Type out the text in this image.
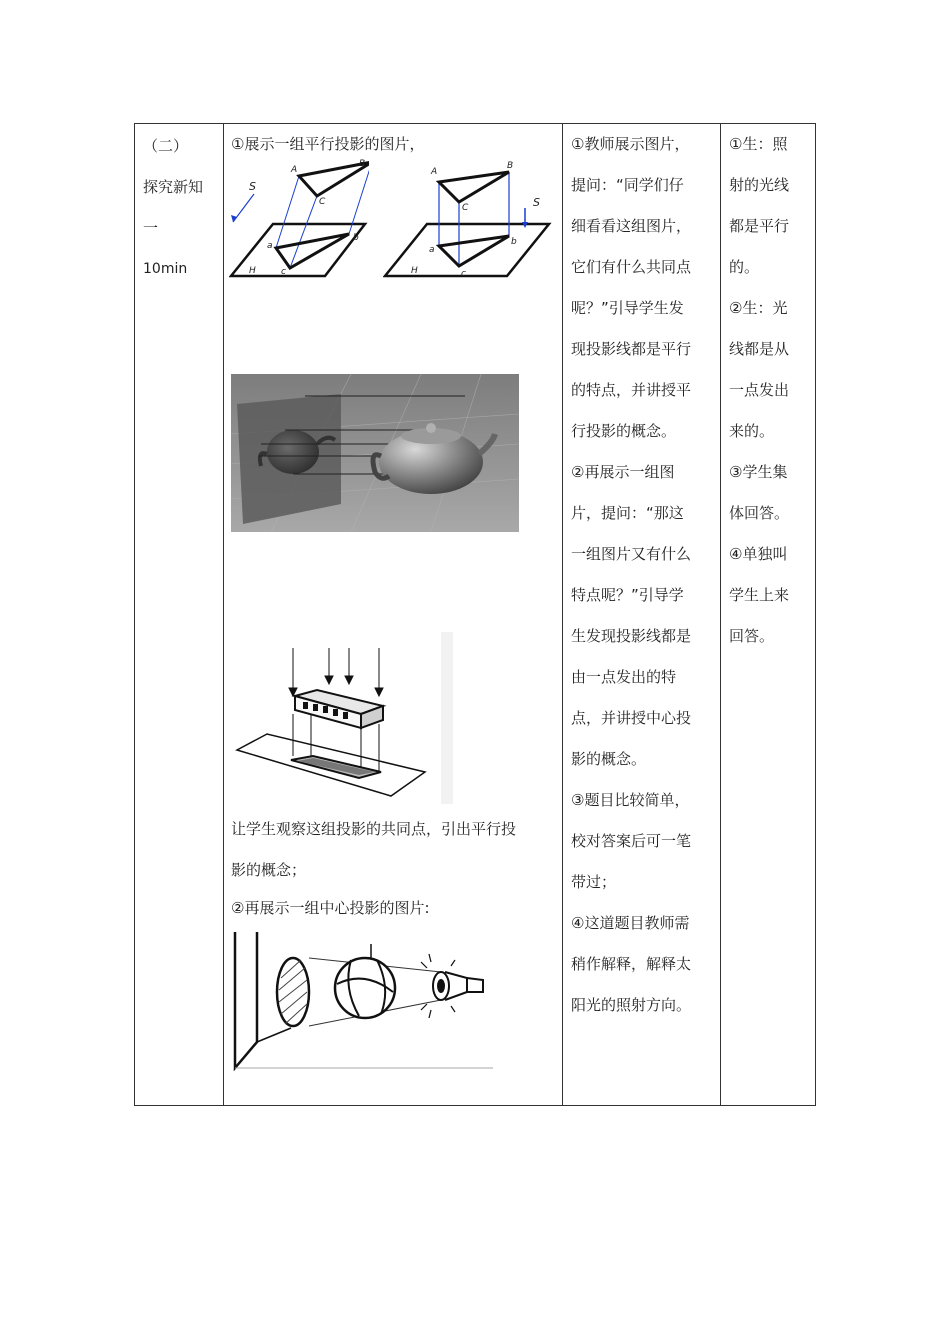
（二）
探究新知
一
10min

①展示一组平行投影的图片，

A
B
C
S
a
b
c
H
A
B
C	S
a
b
c
H

让学生观察这组投影的共同点，引出平行投

影的概念；

②再展示一组中心投影的图片:

①教师展示图片，
提问：“同学们仔
细看看这组图片，
它们有什么共同点
呢？”引导学生发
现投影线都是平行
的特点，并讲授平
行投影的概念。
②再展示一组图
片，提问：“那这
一组图片又有什么
特点呢？”引导学
生发现投影线都是
由一点发出的特
点，并讲授中心投
影的概念。
③题目比较简单，
校对答案后可一笔
带过；
④这道题目教师需
稍作解释，解释太
阳光的照射方向。
①生：照
射的光线
都是平行
的。
②生：光
线都是从
一点发出
来的。
③学生集
体回答。
④单独叫
学生上来
回答。
